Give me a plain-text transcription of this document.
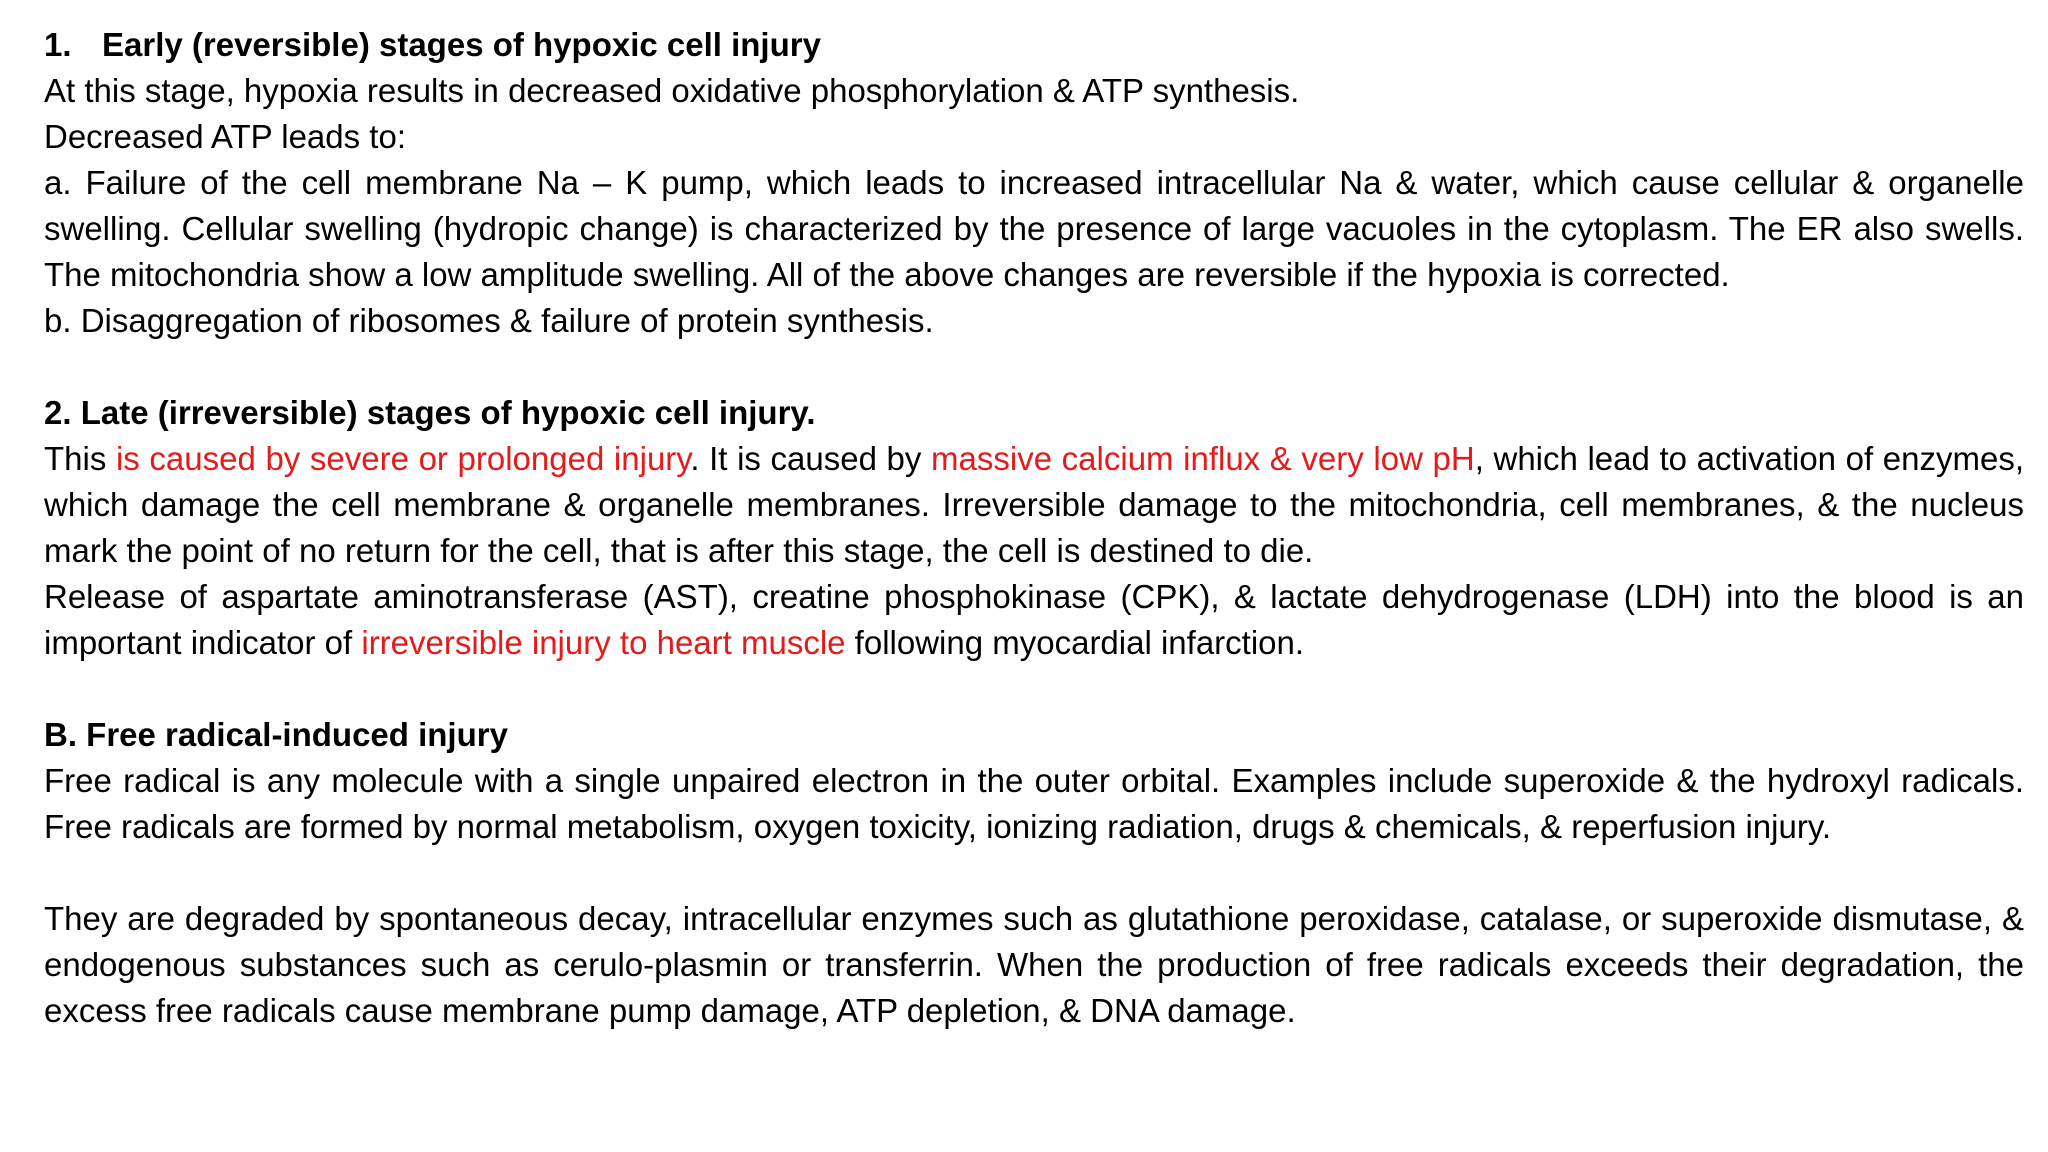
1. Early (reversible) stages of hypoxic cell injury
At this stage, hypoxia results in decreased oxidative phosphorylation & ATP synthesis.
Decreased ATP leads to:
a. Failure of the cell membrane Na – K pump, which leads to increased intracellular Na & water, which cause cellular & organelle swelling. Cellular swelling (hydropic change) is characterized by the presence of large vacuoles in the cytoplasm. The ER also swells. The mitochondria show a low amplitude swelling. All of the above changes are reversible if the hypoxia is corrected.
b. Disaggregation of ribosomes & failure of protein synthesis.
2. Late (irreversible) stages of hypoxic cell injury.
This is caused by severe or prolonged injury. It is caused by massive calcium influx & very low pH, which lead to activation of enzymes, which damage the cell membrane & organelle membranes. Irreversible damage to the mitochondria, cell membranes, & the nucleus mark the point of no return for the cell, that is after this stage, the cell is destined to die.
Release of aspartate aminotransferase (AST), creatine phosphokinase (CPK), & lactate dehydrogenase (LDH) into the blood is an important indicator of irreversible injury to heart muscle following myocardial infarction.
B. Free radical-induced injury
Free radical is any molecule with a single unpaired electron in the outer orbital. Examples include superoxide & the hydroxyl radicals. Free radicals are formed by normal metabolism, oxygen toxicity, ionizing radiation, drugs & chemicals, & reperfusion injury.
They are degraded by spontaneous decay, intracellular enzymes such as glutathione peroxidase, catalase, or superoxide dismutase, & endogenous substances such as cerulo-plasmin or transferrin. When the production of free radicals exceeds their degradation, the excess free radicals cause membrane pump damage, ATP depletion, & DNA damage.
